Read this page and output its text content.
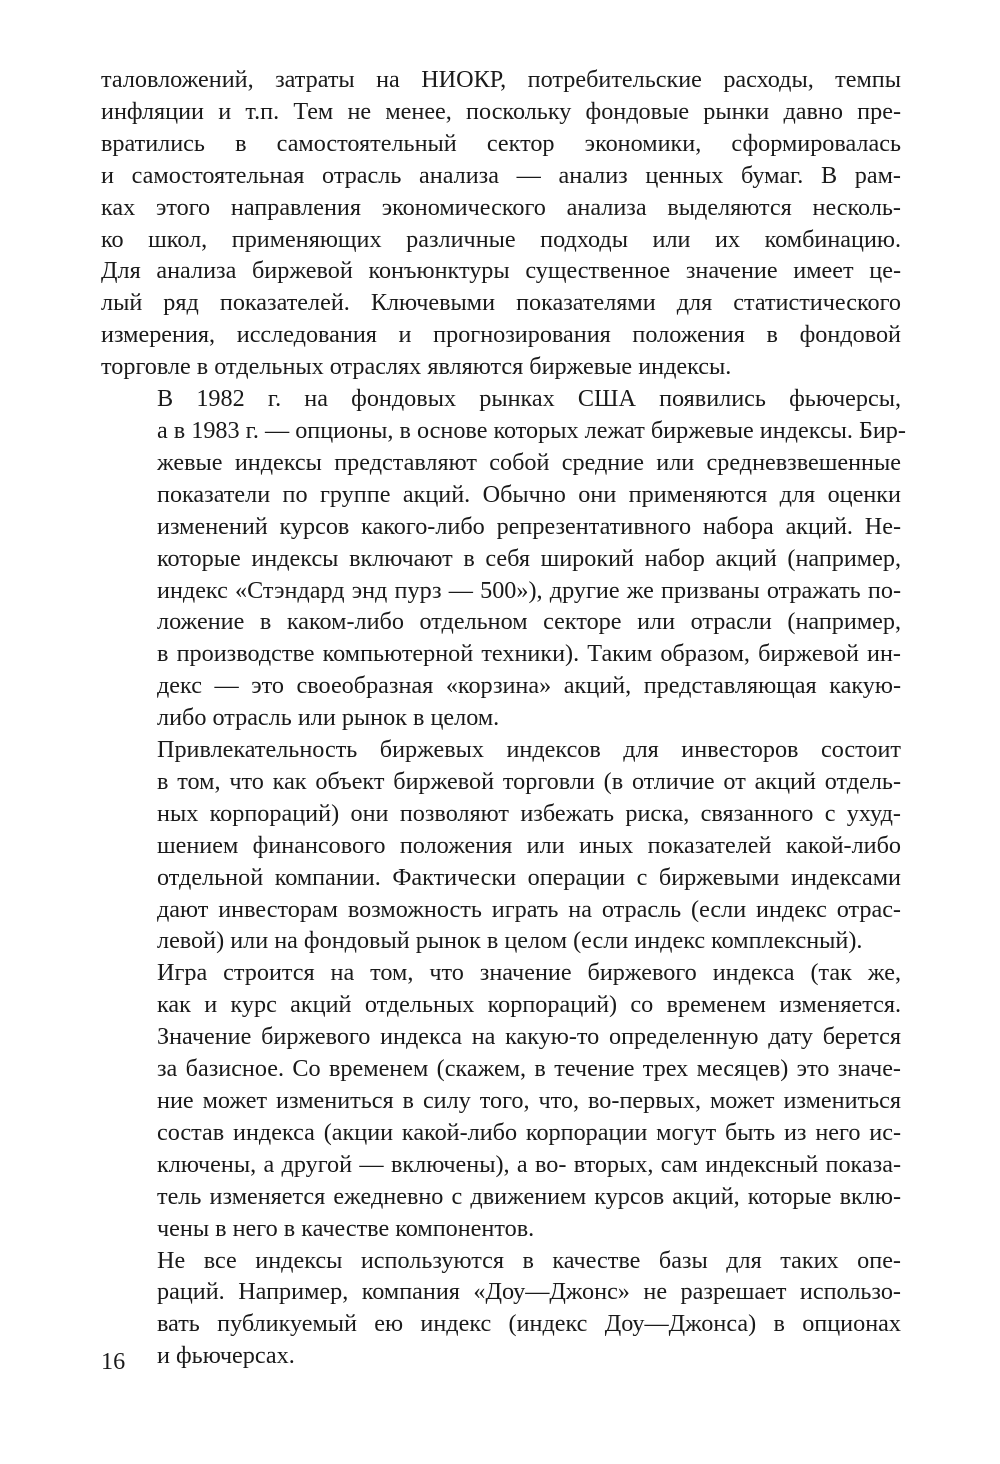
таловложений, затраты на НИОКР, потребительские расходы, темпы
инфляции и т.п. Тем не менее, поскольку фондовые рынки давно пре-
вратились в самостоятельный сектор экономики, сформировалась
и самостоятельная отрасль анализа — анализ ценных бумаг. В рам-
ках этого направления экономического анализа выделяются несколь-
ко школ, применяющих различные подходы или их комбинацию.
Для анализа биржевой конъюнктуры существенное значение имеет це-
лый ряд показателей. Ключевыми показателями для статистического
измерения, исследования и прогнозирования положения в фондовой
торговле в отдельных отраслях являются биржевые индексы.

В 1982 г. на фондовых рынках США появились фьючерсы,
а в 1983 г. — опционы, в основе которых лежат биржевые индексы. Бир-
жевые индексы представляют собой средние или средневзвешенные
показатели по группе акций. Обычно они применяются для оценки
изменений курсов какого-либо репрезентативного набора акций. Не-
которые индексы включают в себя широкий набор акций (например,
индекс «Стэндард энд пурз — 500»), другие же призваны отражать по-
ложение в каком-либо отдельном секторе или отрасли (например,
в производстве компьютерной техники). Таким образом, биржевой ин-
декс — это своеобразная «корзина» акций, представляющая какую-
либо отрасль или рынок в целом.

Привлекательность биржевых индексов для инвесторов состоит
в том, что как объект биржевой торговли (в отличие от акций отдель-
ных корпораций) они позволяют избежать риска, связанного с ухуд-
шением финансового положения или иных показателей какой-либо
отдельной компании. Фактически операции с биржевыми индексами
дают инвесторам возможность играть на отрасль (если индекс отрас-
левой) или на фондовый рынок в целом (если индекс комплексный).

Игра строится на том, что значение биржевого индекса (так же,
как и курс акций отдельных корпораций) со временем изменяется.
Значение биржевого индекса на какую-то определенную дату берется
за базисное. Со временем (скажем, в течение трех месяцев) это значе-
ние может измениться в силу того, что, во-первых, может измениться
состав индекса (акции какой-либо корпорации могут быть из него ис-
ключены, а другой — включены), а во- вторых, сам индексный показа-
тель изменяется ежедневно с движением курсов акций, которые вклю-
чены в него в качестве компонентов.

Не все индексы используются в качестве базы для таких опе-
раций. Например, компания «Доу—Джонс» не разрешает использо-
вать публикуемый ею индекс (индекс Доу—Джонса) в опционах
и фьючерсах.

16
